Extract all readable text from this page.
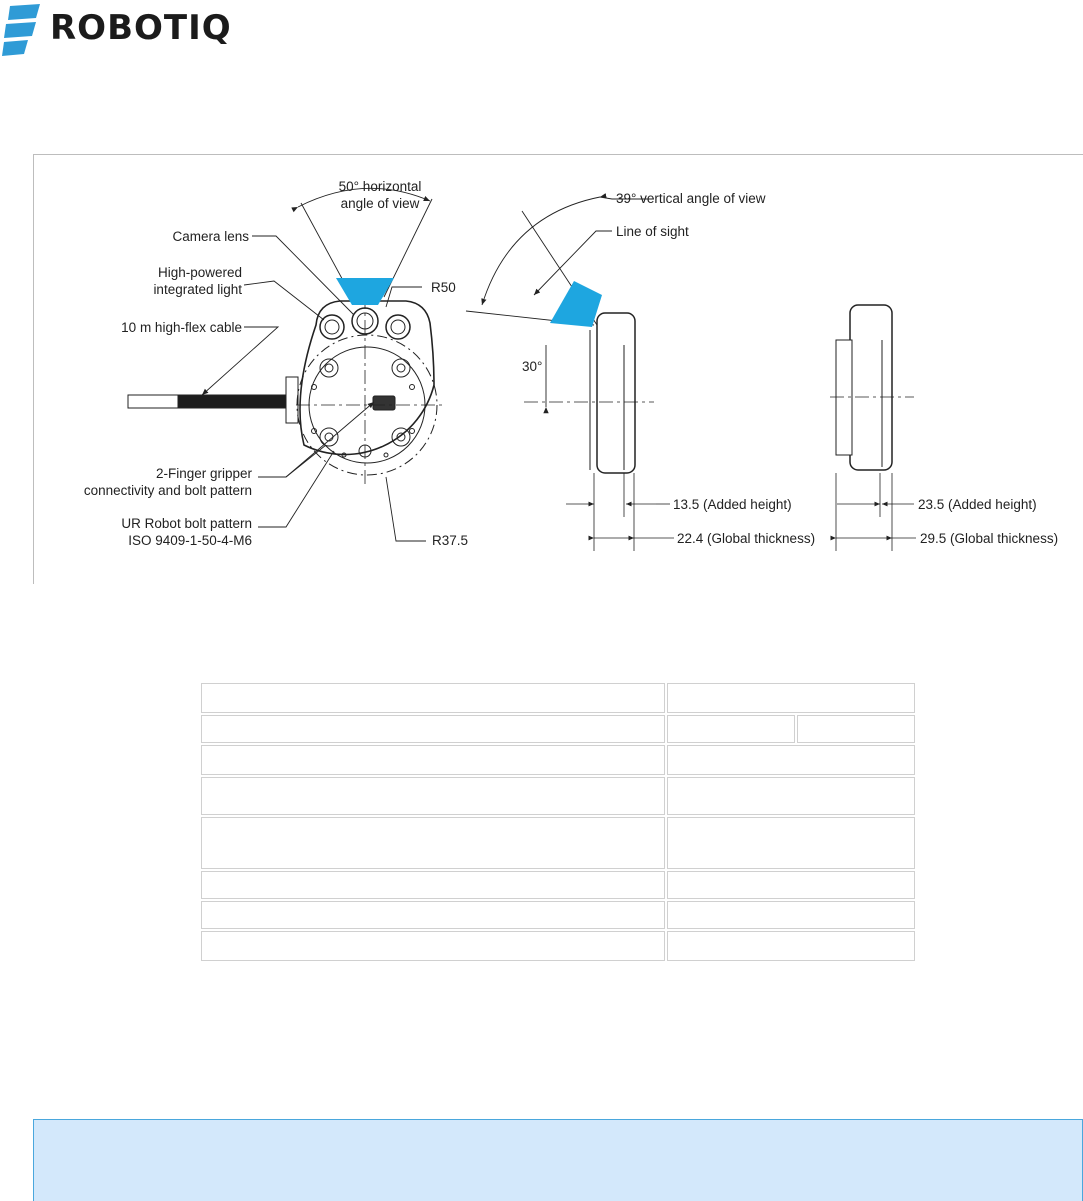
ROBOTIQ
50° horizontal
angle of view
Camera lens
High-powered
integrated light
10 m high-flex cable
R50
2-Finger gripper
connectivity and bolt pattern
UR Robot bolt pattern
ISO 9409-1-50-4-M6	R37.5
39° vertical angle of view
Line of sight
30°
13.5 (Added height)
22.4 (Global thickness)
23.5 (Added height)
29.5 (Global thickness)
